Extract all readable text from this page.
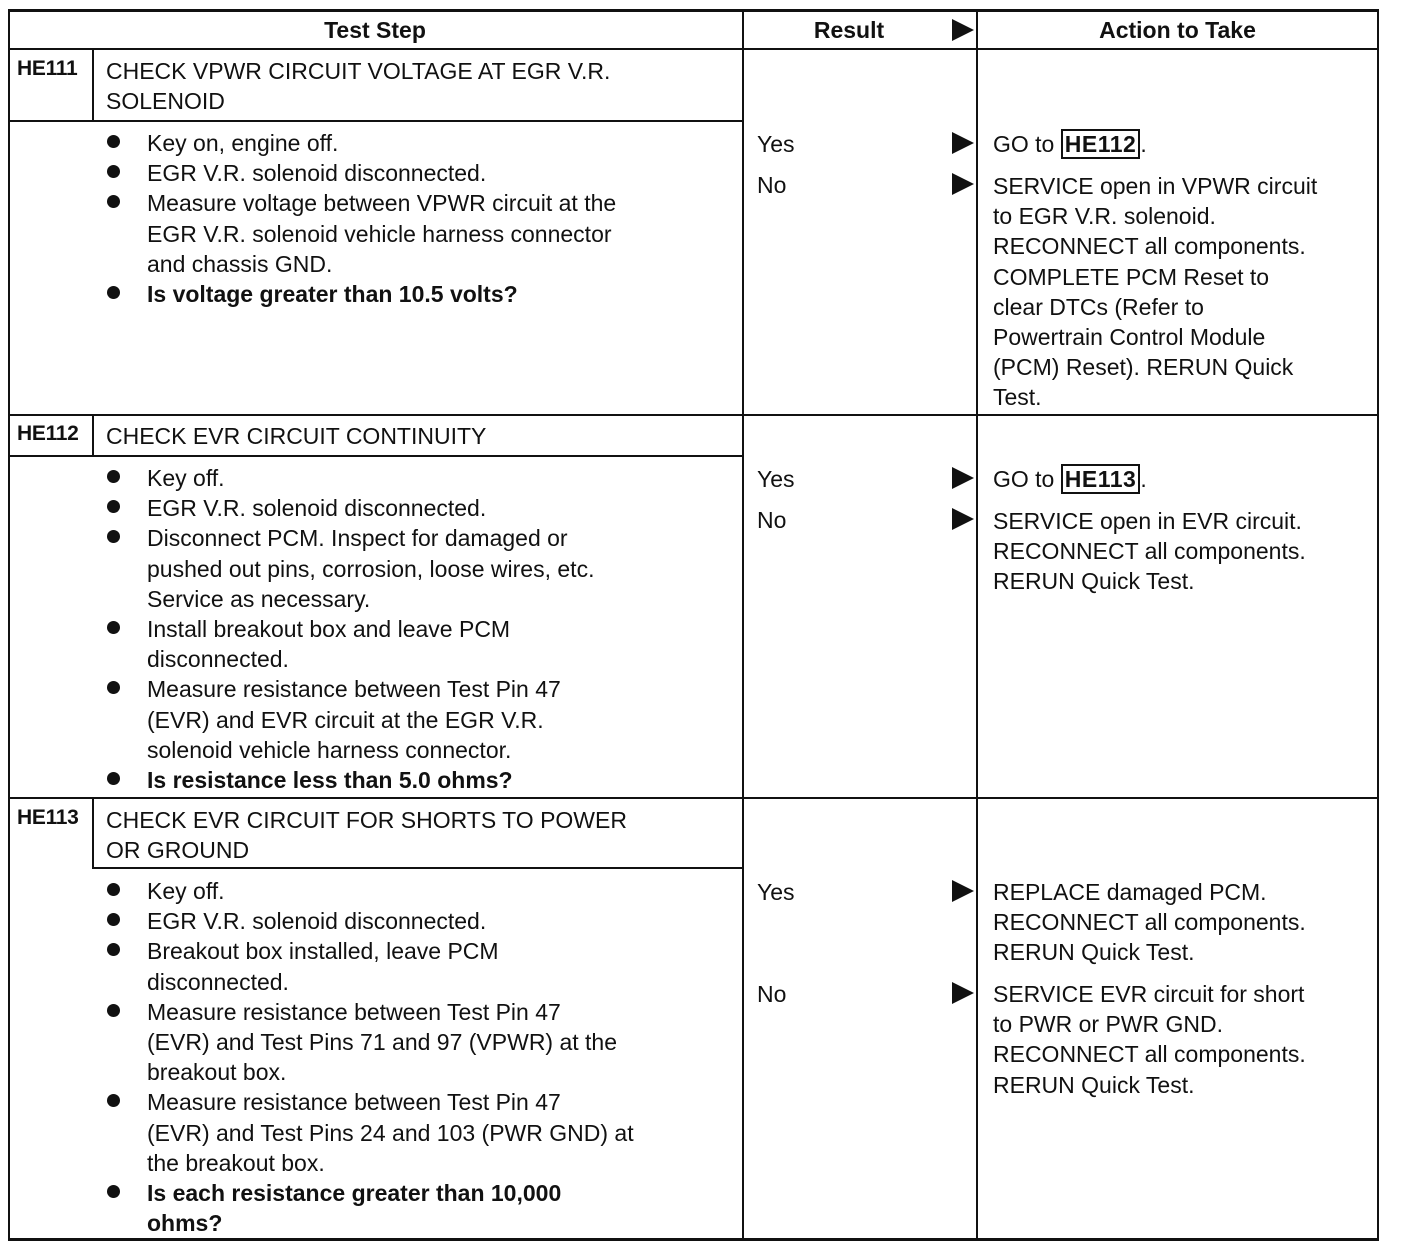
Test Step	Result	Action to Take
HE111 CHECK VPWR CIRCUIT VOLTAGE AT EGR V.R.
SOLENOID
Key on, engine off.
EGR V.R. solenoid disconnected.
Measure voltage between VPWR circuit at the
EGR V.R. solenoid vehicle harness connector
and chassis GND.
Is voltage greater than 10.5 volts?
Yes
No
GO to HE112 .
SERVICE open in VPWR circuit
to EGR V.R. solenoid.
RECONNECT all components.
COMPLETE PCM Reset to
clear DTCs (Refer to
Powertrain Control Module
(PCM) Reset). RERUN Quick
Test.
HE112 CHECK EVR CIRCUIT CONTINUITY
Key off.
EGR V.R. solenoid disconnected.
Disconnect PCM. Inspect for damaged or
pushed out pins, corrosion, loose wires, etc.
Service as necessary.
Install breakout box and leave PCM
disconnected.
Measure resistance between Test Pin 47
(EVR) and EVR circuit at the EGR V.R.
solenoid vehicle harness connector.
Is resistance less than 5.0 ohms?
Yes
No
GO to HE113 .
SERVICE open in EVR circuit.
RECONNECT all components.
RERUN Quick Test.
HE113 CHECK EVR CIRCUIT FOR SHORTS TO POWER
OR GROUND
Key off.
EGR V.R. solenoid disconnected.
Breakout box installed, leave PCM
disconnected.
Measure resistance between Test Pin 47
(EVR) and Test Pins 71 and 97 (VPWR) at the
breakout box.
Measure resistance between Test Pin 47
(EVR) and Test Pins 24 and 103 (PWR GND) at
the breakout box.
Is each resistance greater than 10,000
ohms?
Yes
No
REPLACE damaged PCM.
RECONNECT all components.
RERUN Quick Test.
SERVICE EVR circuit for short
to PWR or PWR GND.
RECONNECT all components.
RERUN Quick Test.
